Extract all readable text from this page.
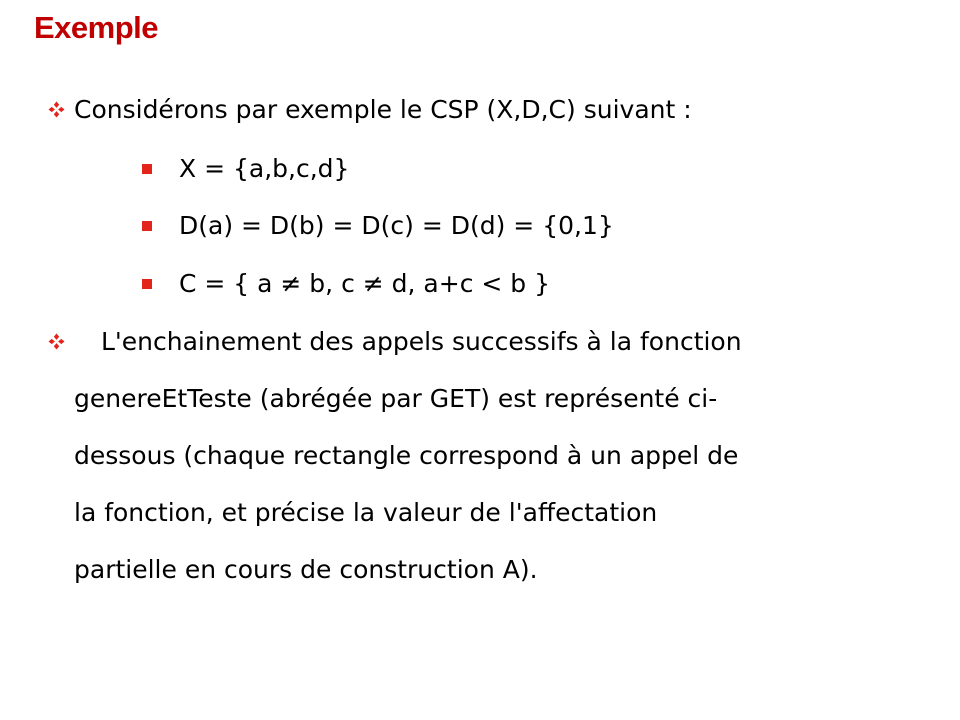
Exemple
Considérons par exemple le CSP (X,D,C) suivant :
X = {a,b,c,d}
D(a) = D(b) = D(c) = D(d) = {0,1}
C = { a ≠ b, c ≠ d, a+c < b }
L'enchainement des appels successifs à la fonction
genereEtTeste (abrégée par GET) est représenté ci-
dessous (chaque rectangle correspond à un appel de
la fonction, et précise la valeur de l'affectation
partielle en cours de construction A).
